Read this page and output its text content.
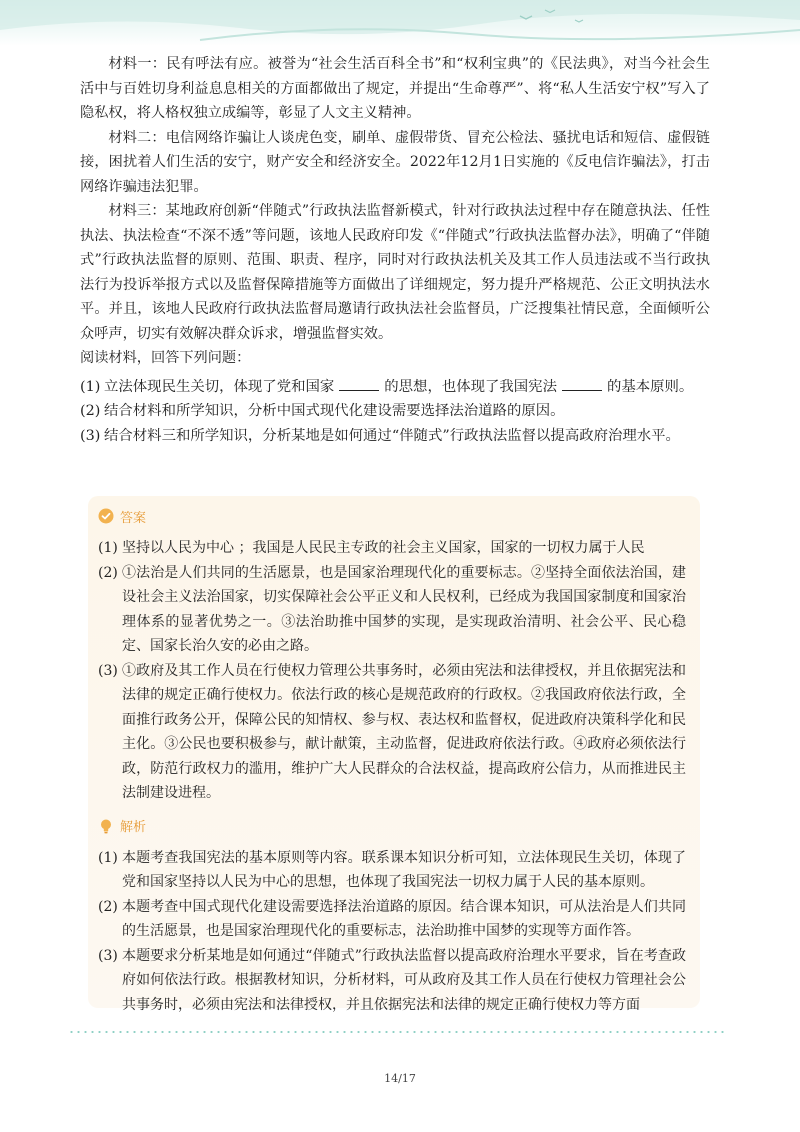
材料一：民有呼法有应。被誉为“社会生活百科全书”和“权利宝典”的《民法典》，对当今社会生活中与百姓切身利益息息相关的方面都做出了规定，并提出“生命尊严”、将“私人生活安宁权”写入了隐私权，将人格权独立成编等，彰显了人文主义精神。

材料二：电信网络诈骗让人谈虎色变，刷单、虚假带货、冒充公检法、骚扰电话和短信、虚假链接，困扰着人们生活的安宁，财产安全和经济安全。2022年12月1日实施的《反电信诈骗法》，打击网络诈骗违法犯罪。

材料三：某地政府创新“伴随式”行政执法监督新模式，针对行政执法过程中存在随意执法、任性执法、执法检查“不深不透”等问题，该地人民政府印发《“伴随式”行政执法监督办法》，明确了“伴随式”行政执法监督的原则、范围、职责、程序，同时对行政执法机关及其工作人员违法或不当行政执法行为投诉举报方式以及监督保障措施等方面做出了详细规定，努力提升严格规范、公正文明执法水平。并且，该地人民政府行政执法监督局邀请行政执法社会监督员，广泛搜集社情民意，全面倾听公众呼声，切实有效解决群众诉求，增强监督实效。

阅读材料，回答下列问题：

(1) 立法体现民生关切，体现了党和国家	的思想，也体现了我国宪法	的基本原则。
(2) 结合材料和所学知识，分析中国式现代化建设需要选择法治道路的原因。
(3) 结合材料三和所学知识，分析某地是如何通过“伴随式”行政执法监督以提高政府治理水平。
答案
(1) 坚持以人民为中心 ；我国是人民民主专政的社会主义国家，国家的一切权力属于人民
(2) ①法治是人们共同的生活愿景，也是国家治理现代化的重要标志。②坚持全面依法治国，建设社会主义法治国家，切实保障社会公平正义和人民权利，已经成为我国国家制度和国家治理体系的显著优势之一。③法治助推中国梦的实现，是实现政治清明、社会公平、民心稳定、国家长治久安的必由之路。
(3) ①政府及其工作人员在行使权力管理公共事务时，必须由宪法和法律授权，并且依据宪法和法律的规定正确行使权力。依法行政的核心是规范政府的行政权。②我国政府依法行政，全面推行政务公开，保障公民的知情权、参与权、表达权和监督权，促进政府决策科学化和民主化。③公民也要积极参与，献计献策，主动监督，促进政府依法行政。④政府必须依法行政，防范行政权力的滥用，维护广大人民群众的合法权益，提高政府公信力，从而推进民主法制建设进程。
解析
(1) 本题考查我国宪法的基本原则等内容。联系课本知识分析可知，立法体现民生关切，体现了党和国家坚持以人民为中心的思想，也体现了我国宪法一切权力属于人民的基本原则。
(2) 本题考查中国式现代化建设需要选择法治道路的原因。结合课本知识，可从法治是人们共同的生活愿景，也是国家治理现代化的重要标志，法治助推中国梦的实现等方面作答。
(3) 本题要求分析某地是如何通过“伴随式”行政执法监督以提高政府治理水平要求，旨在考查政府如何依法行政。根据教材知识，分析材料，可从政府及其工作人员在行使权力管理社会公共事务时，必须由宪法和法律授权，并且依据宪法和法律的规定正确行使权力等方面
14/17
